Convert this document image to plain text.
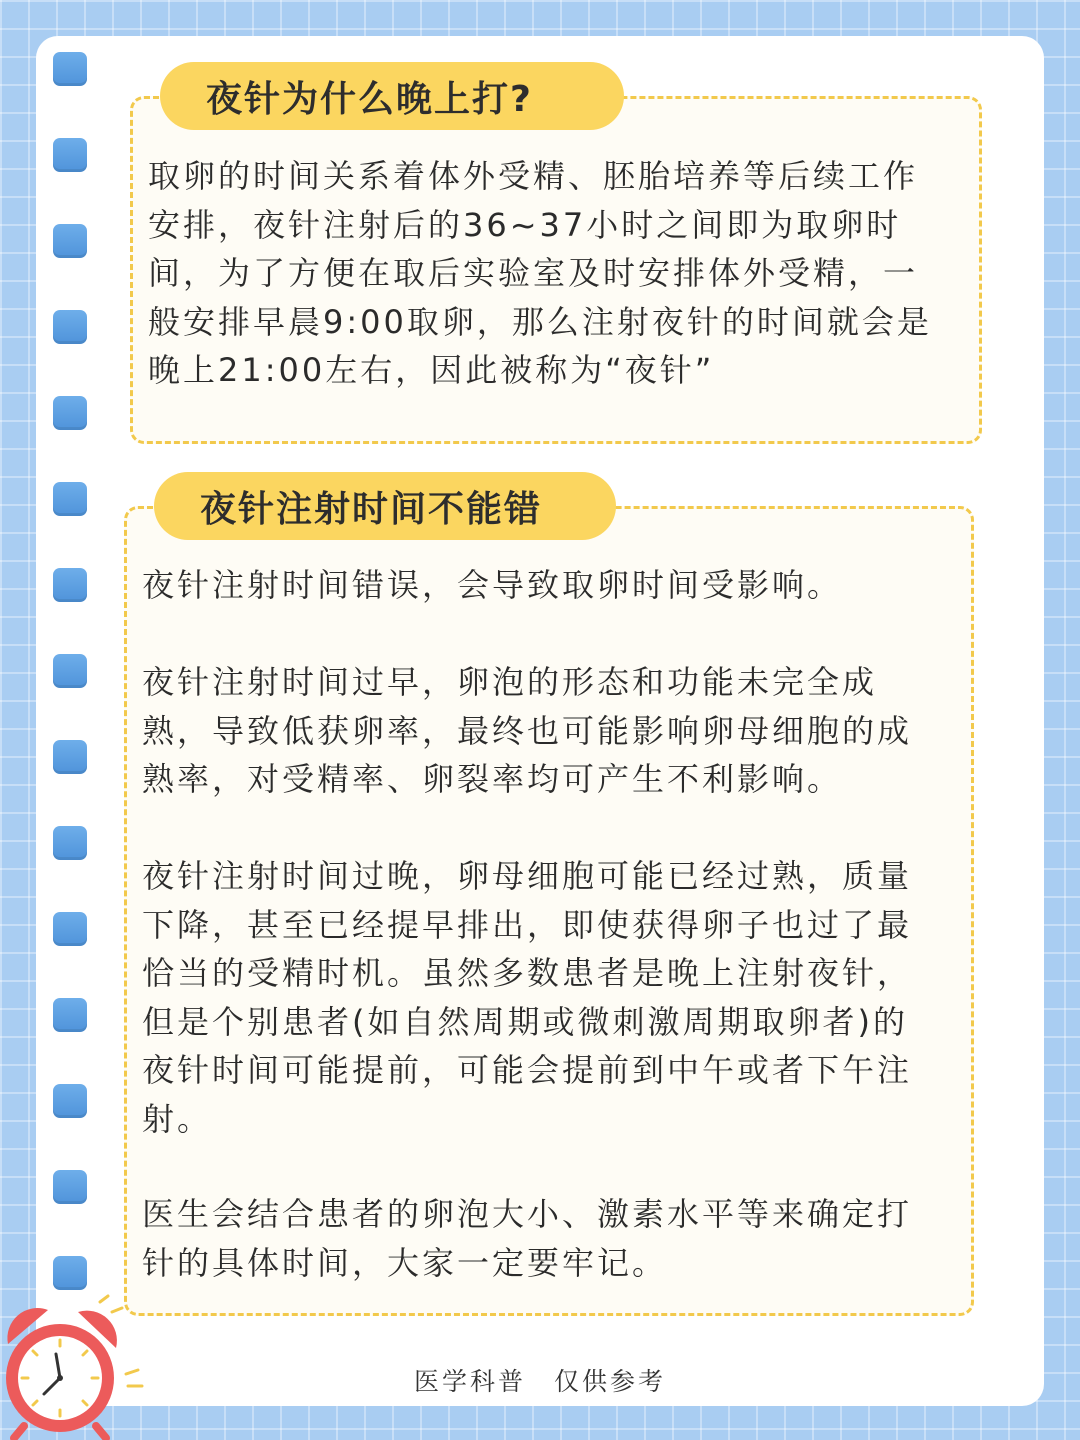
夜针为什么晚上打?
取卵的时间关系着体外受精、胚胎培养等后续工作安排，夜针注射后的36~37小时之间即为取卵时间，为了方便在取后实验室及时安排体外受精，一般安排早晨9:00取卵，那么注射夜针的时间就会是晚上21:00左右，因此被称为“夜针”
夜针注射时间不能错
夜针注射时间错误，会导致取卵时间受影响。
夜针注射时间过早，卵泡的形态和功能未完全成熟，导致低获卵率，最终也可能影响卵母细胞的成熟率，对受精率、卵裂率均可产生不利影响。
夜针注射时间过晚，卵母细胞可能已经过熟，质量下降，甚至已经提早排出，即使获得卵子也过了最恰当的受精时机。虽然多数患者是晚上注射夜针，但是个别患者(如自然周期或微刺激周期取卵者)的夜针时间可能提前，可能会提前到中午或者下午注射。
医生会结合患者的卵泡大小、激素水平等来确定打针的具体时间，大家一定要牢记。
医学科普　仅供参考
